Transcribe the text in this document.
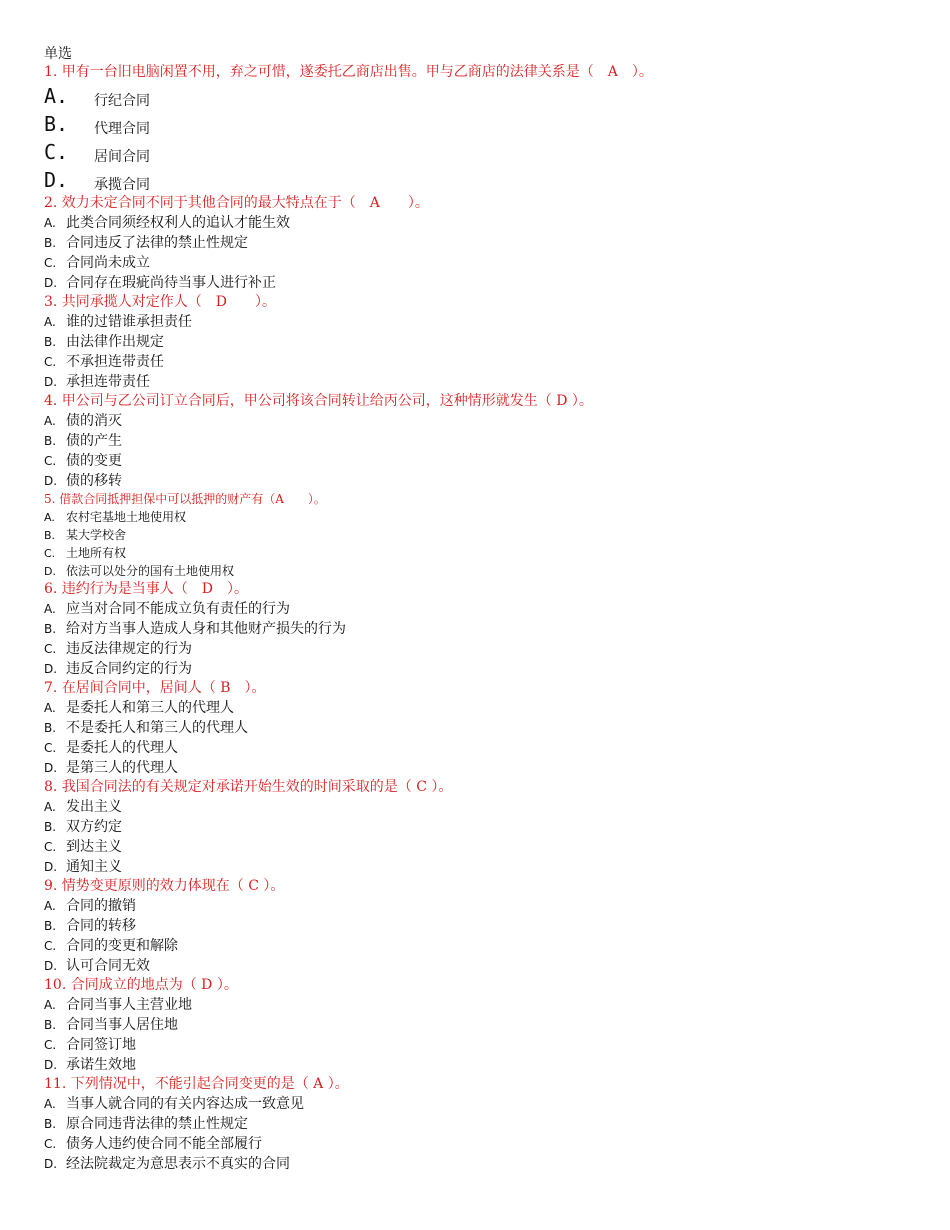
单选
1. 甲有一台旧电脑闲置不用，弃之可惜，遂委托乙商店出售。甲与乙商店的法律关系是（　A　）。
A. 行纪合同
B. 代理合同
C. 居间合同
D. 承揽合同
2. 效力未定合同不同于其他合同的最大特点在于（　A　　）。
A. 此类合同须经权利人的追认才能生效
B. 合同违反了法律的禁止性规定
C. 合同尚未成立
D. 合同存在瑕疵尚待当事人进行补正
3. 共同承揽人对定作人（　D　　）。
A. 谁的过错谁承担责任
B. 由法律作出规定
C. 不承担连带责任
D. 承担连带责任
4. 甲公司与乙公司订立合同后，甲公司将该合同转让给丙公司，这种情形就发生（ D ）。
A. 债的消灭
B. 债的产生
C. 债的变更
D. 债的移转
5. 借款合同抵押担保中可以抵押的财产有（A　　）。
A. 农村宅基地土地使用权
B. 某大学校舍
C. 土地所有权
D. 依法可以处分的国有土地使用权
6. 违约行为是当事人（　D　）。
A. 应当对合同不能成立负有责任的行为
B. 给对方当事人造成人身和其他财产损失的行为
C. 违反法律规定的行为
D. 违反合同约定的行为
7. 在居间合同中，居间人（ B　）。
A. 是委托人和第三人的代理人
B. 不是委托人和第三人的代理人
C. 是委托人的代理人
D. 是第三人的代理人
8. 我国合同法的有关规定对承诺开始生效的时间采取的是（ C ）。
A. 发出主义
B. 双方约定
C. 到达主义
D. 通知主义
9. 情势变更原则的效力体现在（ C ）。
A. 合同的撤销
B. 合同的转移
C. 合同的变更和解除
D. 认可合同无效
10. 合同成立的地点为（ D ）。
A. 合同当事人主营业地
B. 合同当事人居住地
C. 合同签订地
D. 承诺生效地
11. 下列情况中，不能引起合同变更的是（ A ）。
A. 当事人就合同的有关内容达成一致意见
B. 原合同违背法律的禁止性规定
C. 债务人违约使合同不能全部履行
D. 经法院裁定为意思表示不真实的合同
